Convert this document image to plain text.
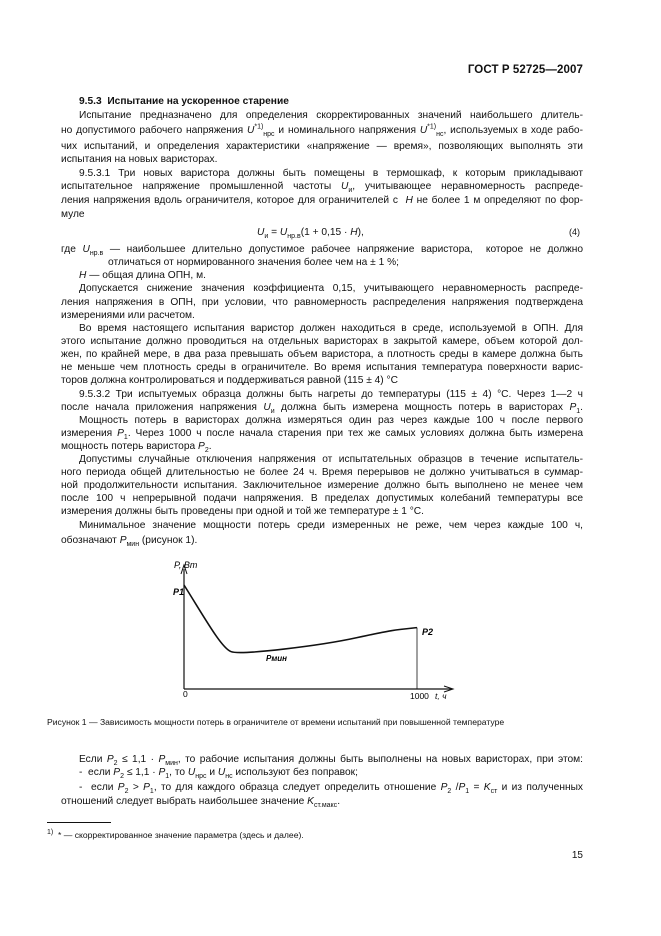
ГОСТ Р 52725—2007
9.5.3 Испытание на ускоренное старение
Испытание предназначено для определения скорректированных значений наибольшего длитель-
но допустимого рабочего напряжения $U^{*1)}_{нрс}$ и номинального напряжения $U^{*1)}_{нс}$, используемых в ходе рабо-
чих испытаний, и определения характеристики «напряжение — время», позволяющих выполнять эти
испытания на новых варисторах.
9.5.3.1 Три новых варистора должны быть помещены в термошкаф, к которым прикладывают
испытательное напряжение промышленной частоты $U_и$, учитывающее неравномерность распреде-
ления напряжения вдоль ограничителя, которое для ограничителей с  H не более 1 м определяют по фор-
муле
$U_и = U_{нр.в}(1 + 0,15 \cdot H)$,	(4)
где $U_{нр.в}$ — наибольшее длительно допустимое рабочее напряжение варистора,  которое не должно
отличаться от нормированного значения более чем на ± 1 %;
H — общая длина ОПН, м.
Допускается снижение значения коэффициента 0,15, учитывающего неравномерность распреде-
ления напряжения в ОПН, при условии, что равномерность распределения напряжения подтверждена
измерениями или расчетом.
Во время настоящего испытания варистор должен находиться в среде, используемой в ОПН. Для
этого испытание должно проводиться на отдельных варисторах в закрытой камере, объем которой дол-
жен, по крайней мере, в два раза превышать объем варистора, а плотность среды в камере должна быть
не меньше чем плотность среды в ограничителе. Во время испытания температура поверхности варис-
торов должна контролироваться и поддерживаться равной (115 ± 4) °С
9.5.3.2 Три испытуемых образца должны быть нагреты до температуры (115 ± 4) °С. Через 1—2 ч
после начала приложения напряжения $U_и$ должна быть измерена мощность потерь в варисторах $P_1$.
Мощность потерь в варисторах должна измеряться один раз через каждые 100 ч после первого
измерения $P_1$. Через 1000 ч после начала старения при тех же самых условиях должна быть измерена
мощность потерь варистора $P_2$.
Допустимы случайные отключения напряжения от испытательных образцов в течение испытатель-
ного периода общей длительностью не более 24 ч. Время перерывов не должно учитываться в суммар-
ной продолжительности испытания. Заключительное измерение должно быть выполнено не менее чем
после 100 ч непрерывной подачи напряжения. В пределах допустимых колебаний температуры все
измерения должны быть проведены при одной и той же температуре ± 1 °С.
Минимальное значение мощности потерь среди измеренных не реже, чем через каждые 100 ч,
обозначают $P_{мин}$ (рисунок 1).
P, Вт
P1
P2
Pмин
0	1000 t, ч
Рисунок 1 — Зависимость мощности потерь в ограничителе от времени испытаний при повышенной температуре
Если $P_2 \le 1,1 \cdot P_{мин}$, то рабочие испытания должны быть выполнены на новых варисторах, при этом:
-  если $P_2 \le 1,1 \cdot P_1$, то $U_{нрс}$ и $U_{нс}$ используют без поправок;
-  если $P_2 > P_1$, то для каждого образца следует определить отношение $P_2$ $/P_1 = K_{ст}$ и из полученных
отношений следует выбрать наибольшее значение $K_{ст.макс}$.
$^{1)}$  * — скорректированное значение параметра (здесь и далее).
15
